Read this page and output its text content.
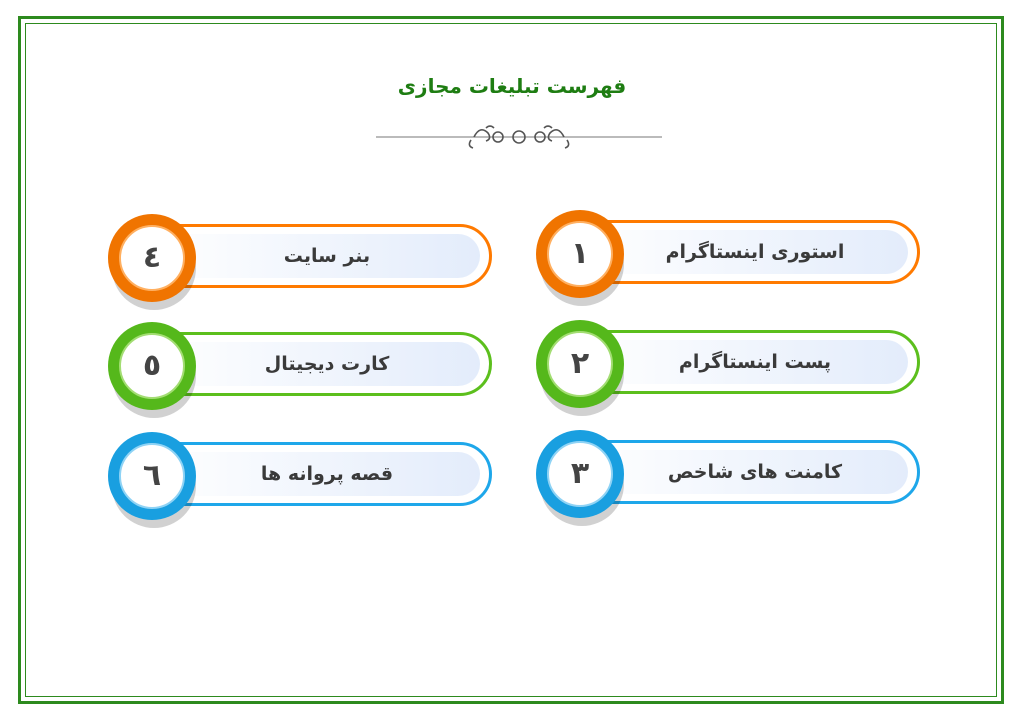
فهرست تبلیغات مجازی
استوری اینستاگرام
١
پست اینستاگرام
٢
کامنت های شاخص
٣
بنر سایت
٤
کارت دیجیتال
٥
قصه پروانه ها
٦
